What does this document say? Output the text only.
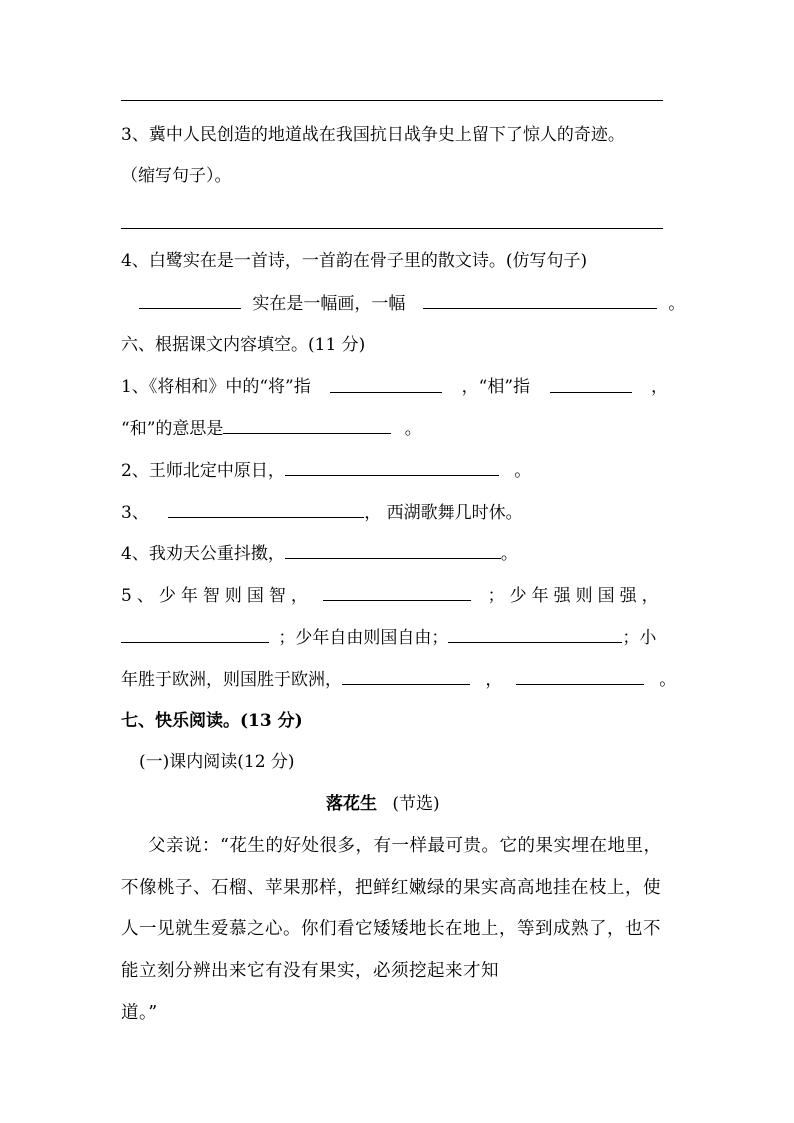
3、冀中人民创造的地道战在我国抗日战争史上留下了惊人的奇迹。
（缩写句子）。
4、白鹭实在是一首诗，一首韵在骨子里的散文诗。(仿写句子)
实在是一幅画，一幅	。
六、根据课文内容填空。(11 分)
1、《将相和》中的“将”指	，“相”指	，
“和”的意思是	。
2、王师北定中原日，	。
3、	， 西湖歌舞几时休。
4、我劝天公重抖擞，	。
5、少年智则国智，	；少年强则国强，
；少年自由则国自由；	；小
年胜于欧洲，则国胜于欧洲，	，	。
七、快乐阅读。(13 分)
(一)课内阅读(12 分)
落花生 (节选)
父亲说：“花生的好处很多，有一样最可贵。它的果实埋在地里，
不像桃子、石榴、苹果那样，把鲜红嫩绿的果实高高地挂在枝上，使
人一见就生爱慕之心。你们看它矮矮地长在地上，等到成熟了，也不
能立刻分辨出来它有没有果实，必须挖起来才知
道。”
